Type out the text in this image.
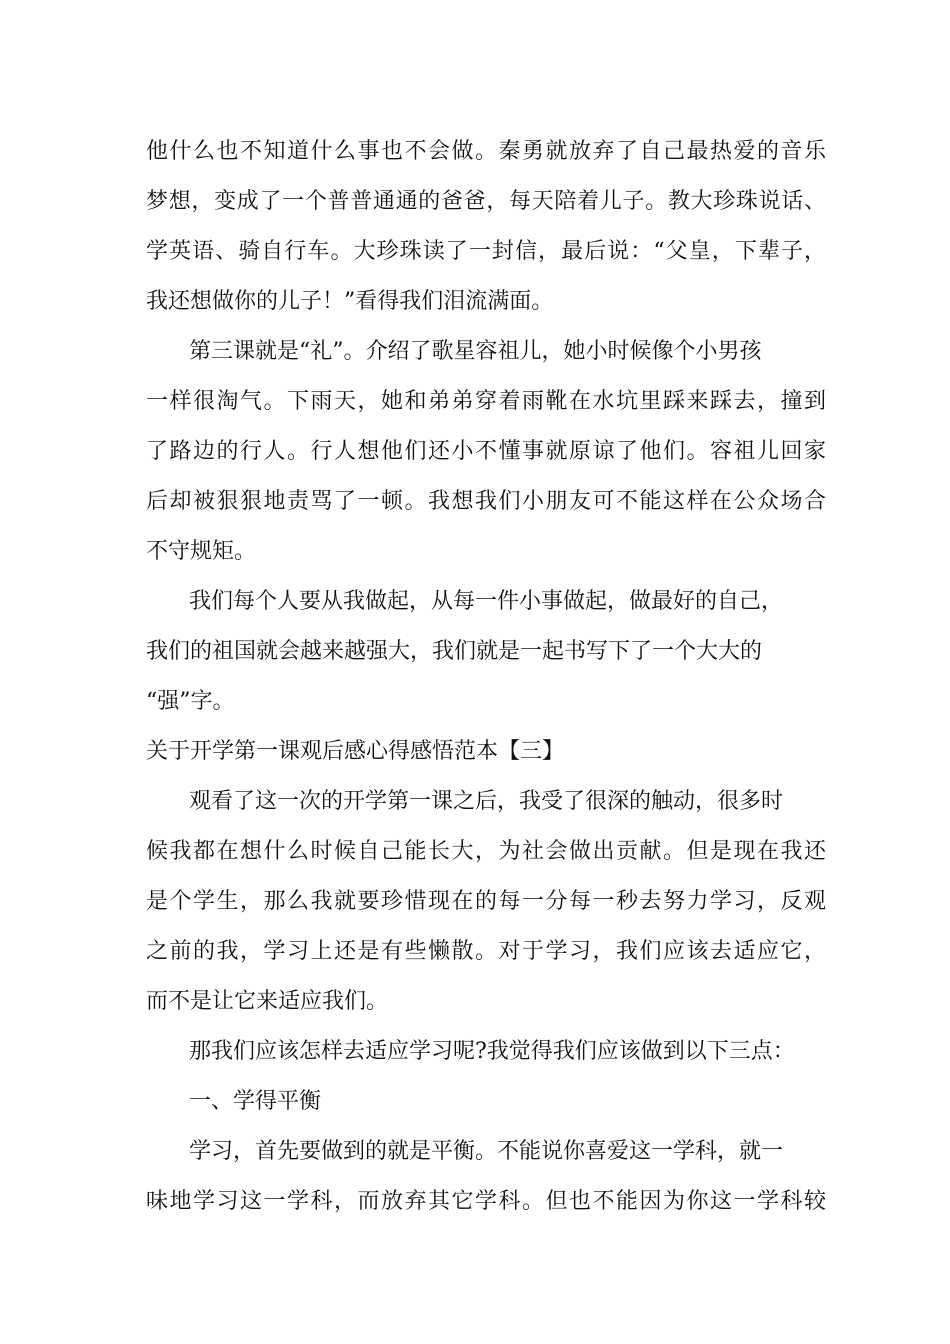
他什么也不知道什么事也不会做。秦勇就放弃了自己最热爱的音乐
梦想，变成了一个普普通通的爸爸，每天陪着儿子。教大珍珠说话、
学英语、骑自行车。大珍珠读了一封信，最后说：“父皇，下辈子，
我还想做你的儿子！”看得我们泪流满面。
第三课就是“礼”。介绍了歌星容祖儿，她小时候像个小男孩
一样很淘气。下雨天，她和弟弟穿着雨靴在水坑里踩来踩去，撞到
了路边的行人。行人想他们还小不懂事就原谅了他们。容祖儿回家
后却被狠狠地责骂了一顿。我想我们小朋友可不能这样在公众场合
不守规矩。
我们每个人要从我做起，从每一件小事做起，做最好的自己，
我们的祖国就会越来越强大，我们就是一起书写下了一个大大的
“强”字。
关于开学第一课观后感心得感悟范本【三】
观看了这一次的开学第一课之后，我受了很深的触动，很多时
候我都在想什么时候自己能长大，为社会做出贡献。但是现在我还
是个学生，那么我就要珍惜现在的每一分每一秒去努力学习，反观
之前的我，学习上还是有些懒散。对于学习，我们应该去适应它，
而不是让它来适应我们。
那我们应该怎样去适应学习呢?我觉得我们应该做到以下三点：
一、学得平衡
学习，首先要做到的就是平衡。不能说你喜爱这一学科，就一
味地学习这一学科，而放弃其它学科。但也不能因为你这一学科较
